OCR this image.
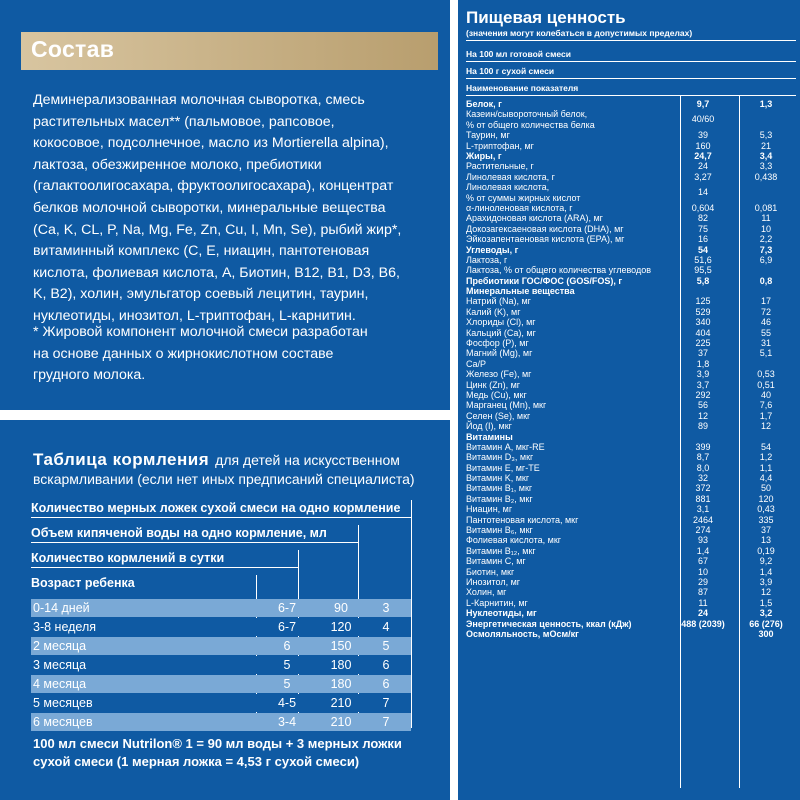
Состав
Деминерализованная молочная сыворотка, смесь
растительных масел** (пальмовое, рапсовое,
кокосовое, подсолнечное, масло из Mortierella alpina),
лактоза, обезжиренное молоко, пребиотики
(галактоолигосахара, фруктоолигосахара), концентрат
белков молочной сыворотки, минеральные вещества
(Ca, K, CL, P, Na, Mg, Fe, Zn, Cu, I, Mn, Se), рыбий жир*,
витаминный комплекс (C, E, ниацин, пантотеновая
кислота, фолиевая кислота, А, Биотин, B12, B1, D3, B6,
K, B2), холин, эмульгатор соевый лецитин, таурин,
нуклеотиды, инозитол, L-триптофан, L-карнитин.
* Жировой компонент молочной смеси разработан
на основе данных о жирнокислотном составе
грудного молока.
Таблица кормления для детей на искусственном вскармливании (если нет иных предписаний специалиста)
Количество мерных ложек сухой смеси на одно кормление
Объем кипяченой воды на одно кормление, мл
Количество кормлений в сутки
Возраст ребенка
0-14 дней	6-7	90	3
3-8 неделя	6-7	120	4
2 месяца	6	150	5
3 месяца	5	180	6
4 месяца	5	180	6
5 месяцев	4-5	210	7
6 месяцев	3-4	210	7
100 мл смеси Nutrilon® 1 = 90 мл воды + 3 мерных ложки
сухой смеси (1 мерная ложка = 4,53 г сухой смеси)
Пищевая ценность
(значения могут колебаться в допустимых пределах)
На 100 мл готовой смеси
На 100 г сухой смеси
Наименование показателя
Белок, г	9,7	1,3
Казеин/сывороточный белок,
% от общего количества белка
40/60
Таурин, мг	39	5,3
L-триптофан, мг	160	21
Жиры, г	24,7	3,4
Растительные, г	24	3,3
Линолевая кислота, г	3,27	0,438
Линолевая кислота,
% от суммы жирных кислот
14
α-линоленовая кислота, г	0,604	0,081
Арахидоновая кислота (ARA), мг	82	11
Докозагексаеновая кислота (DHA), мг	75	10
Эйкозапентаеновая кислота (EPA), мг	16	2,2
Углеводы, г	54	7,3
Лактоза, г	51,6	6,9
Лактоза, % от общего количества углеводов	95,5
Пребиотики ГОС/ФОС (GOS/FOS), г	5,8	0,8
Минеральные вещества
Натрий (Na), мг	125	17
Калий (K), мг	529	72
Хлориды (Cl), мг	340	46
Кальций (Ca), мг	404	55
Фосфор (P), мг	225	31
Магний (Mg), мг	37	5,1
Ca/P	1,8
Железо (Fe), мг	3,9	0,53
Цинк (Zn), мг	3,7	0,51
Медь (Cu), мкг	292	40
Марганец (Mn), мкг	56	7,6
Селен (Se), мкг	12	1,7
Йод (I), мкг	89	12
Витамины
Витамин A, мкг-RE	399	54
Витамин D₃, мкг	8,7	1,2
Витамин E, мг-TE	8,0	1,1
Витамин K, мкг	32	4,4
Витамин B₁, мкг	372	50
Витамин B₂, мкг	881	120
Ниацин, мг	3,1	0,43
Пантотеновая кислота, мкг	2464	335
Витамин B₆, мкг	274	37
Фолиевая кислота, мкг	93	13
Витамин B₁₂, мкг	1,4	0,19
Витамин C, мг	67	9,2
Биотин, мкг	10	1,4
Инозитол, мг	29	3,9
Холин, мг	87	12
L-Карнитин, мг	11	1,5
Нуклеотиды, мг	24	3,2
Энергетическая ценность, ккал (кДж)	488 (2039)	66 (276)
Осмоляльность, мОсм/кг	300
